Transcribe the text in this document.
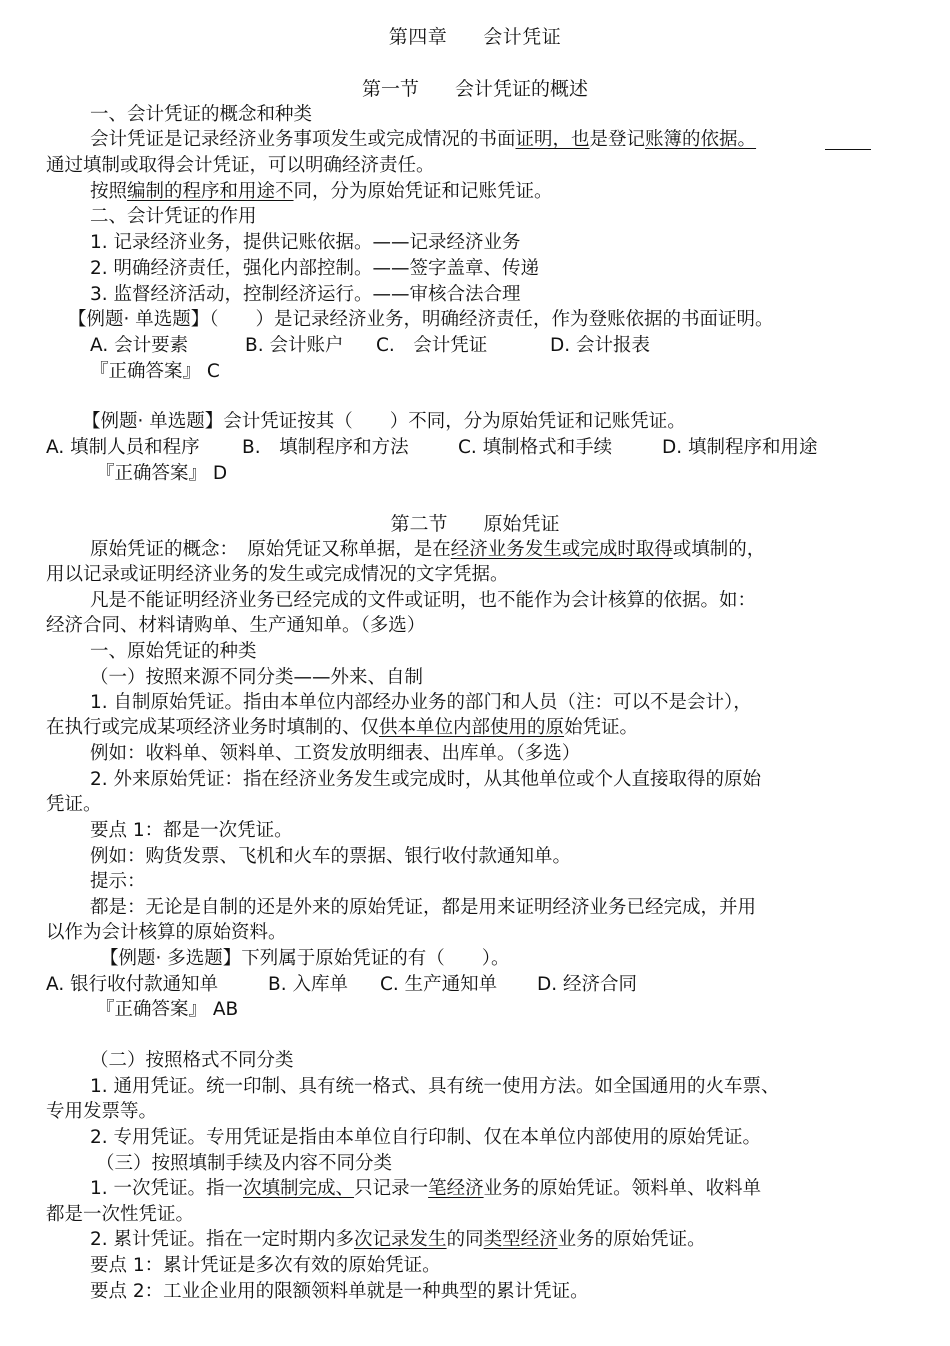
第四章 会计凭证
第一节 会计凭证的概述
一、会计凭证的概念和种类
会计凭证是记录经济业务事项发生或完成情况的书面证明，也是登记账簿的依据。
通过填制或取得会计凭证，可以明确经济责任。
按照编制的程序和用途不同，分为原始凭证和记账凭证。
二、会计凭证的作用
1. 记录经济业务，提供记账依据。——记录经济业务
2. 明确经济责任，强化内部控制。——签字盖章、传递
3. 监督经济活动，控制经济运行。——审核合法合理
【例题· 单选题】（　　）是记录经济业务，明确经济责任，作为登账依据的书面证明。
A. 会计要素	B. 会计账户 C.　会计凭证	D. 会计报表
『正确答案』 C
【例题· 单选题】会计凭证按其（　　）不同，分为原始凭证和记账凭证。
A. 填制人员和程序 B.　填制程序和方法	C. 填制格式和手续	D. 填制程序和用途
『正确答案』 D
第二节 原始凭证
原始凭证的概念：　原始凭证又称单据，是在经济业务发生或完成时取得或填制的，
用以记录或证明经济业务的发生或完成情况的文字凭据。
凡是不能证明经济业务已经完成的文件或证明，也不能作为会计核算的依据。如：
经济合同、材料请购单、生产通知单。（多选）
一、原始凭证的种类
（一）按照来源不同分类——外来、自制
1. 自制原始凭证。指由本单位内部经办业务的部门和人员（注：可以不是会计），
在执行或完成某项经济业务时填制的、仅供本单位内部使用的原始凭证。
例如：收料单、领料单、工资发放明细表、出库单。（多选）
2. 外来原始凭证：指在经济业务发生或完成时，从其他单位或个人直接取得的原始
凭证。
要点 1：都是一次凭证。
例如：购货发票、飞机和火车的票据、银行收付款通知单。
提示：
都是：无论是自制的还是外来的原始凭证，都是用来证明经济业务已经完成，并用
以作为会计核算的原始资料。
【例题· 多选题】下列属于原始凭证的有（　　）。
A. 银行收付款通知单	B. 入库单 C. 生产通知单 D. 经济合同
『正确答案』 AB
（二）按照格式不同分类
1. 通用凭证。统一印制、具有统一格式、具有统一使用方法。如全国通用的火车票、
专用发票等。
2. 专用凭证。专用凭证是指由本单位自行印制、仅在本单位内部使用的原始凭证。
（三）按照填制手续及内容不同分类
1. 一次凭证。指一次填制完成、只记录一笔经济业务的原始凭证。领料单、收料单
都是一次性凭证。
2. 累计凭证。指在一定时期内多次记录发生的同类型经济业务的原始凭证。
要点 1：累计凭证是多次有效的原始凭证。
要点 2：工业企业用的限额领料单就是一种典型的累计凭证。
